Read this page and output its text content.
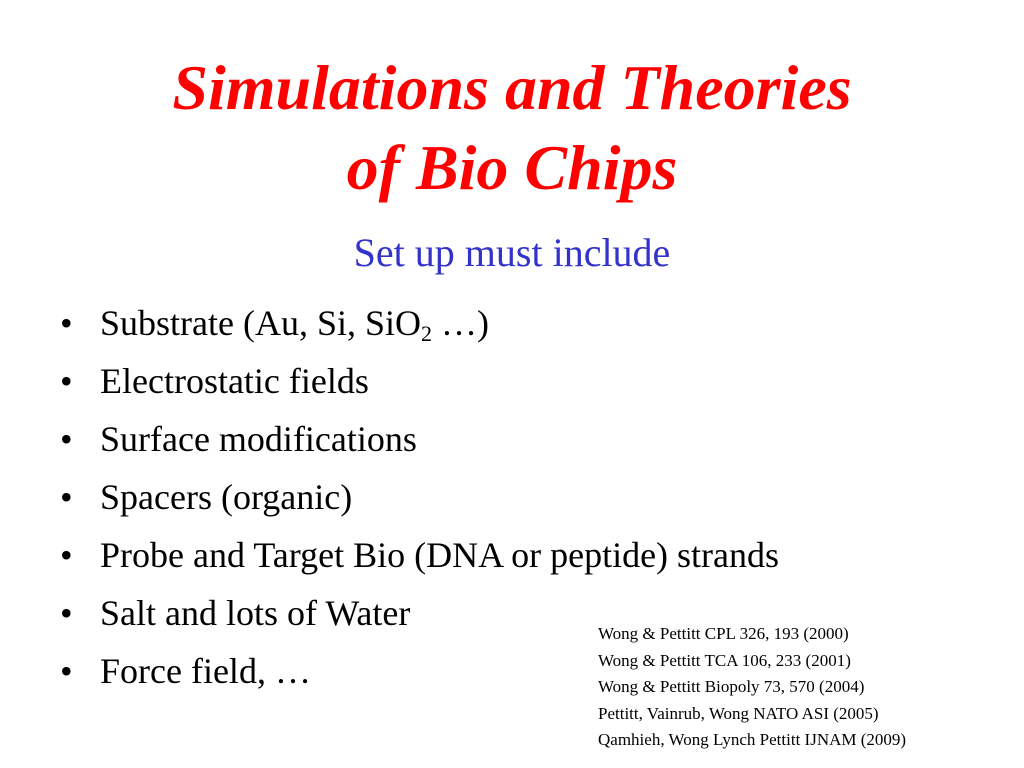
Simulations and Theories
of Bio Chips
Set up must include
• Substrate (Au, Si, SiO$_2$ …)
• Electrostatic fields
• Surface modifications
• Spacers (organic)
• Probe and Target Bio (DNA or peptide) strands
• Salt and lots of Water
• Force field, …
Wong & Pettitt CPL 326, 193 (2000)
Wong & Pettitt TCA 106, 233 (2001)
Wong & Pettitt Biopoly 73, 570 (2004)
Pettitt, Vainrub, Wong NATO ASI (2005)
Qamhieh, Wong Lynch Pettitt IJNAM (2009)
